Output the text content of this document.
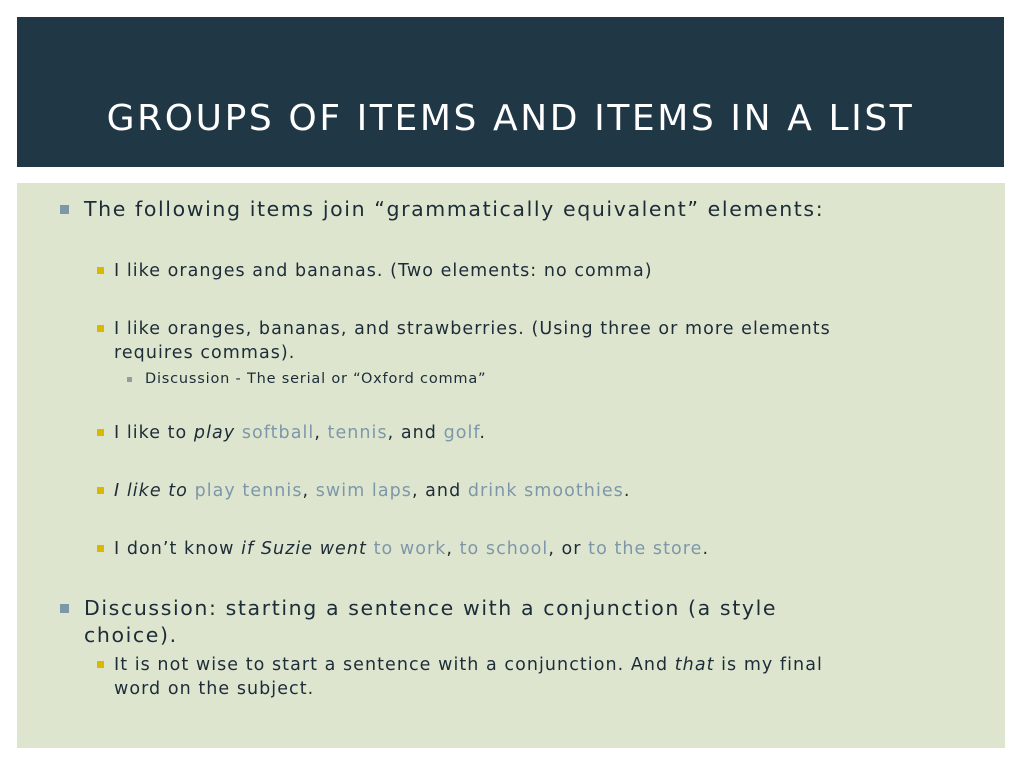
GROUPS OF ITEMS AND ITEMS IN A LIST
The following items join “grammatically equivalent” elements:
I like oranges and bananas. (Two elements: no comma)
I like oranges, bananas, and strawberries. (Using three or more elements
requires commas).
Discussion - The serial or “Oxford comma”
I like to play softball, tennis, and golf.
I like to play tennis, swim laps, and drink smoothies.
I don’t know if Suzie went to work, to school, or to the store.
Discussion: starting a sentence with a conjunction (a style
choice).
It is not wise to start a sentence with a conjunction. And that is my final
word on the subject.
